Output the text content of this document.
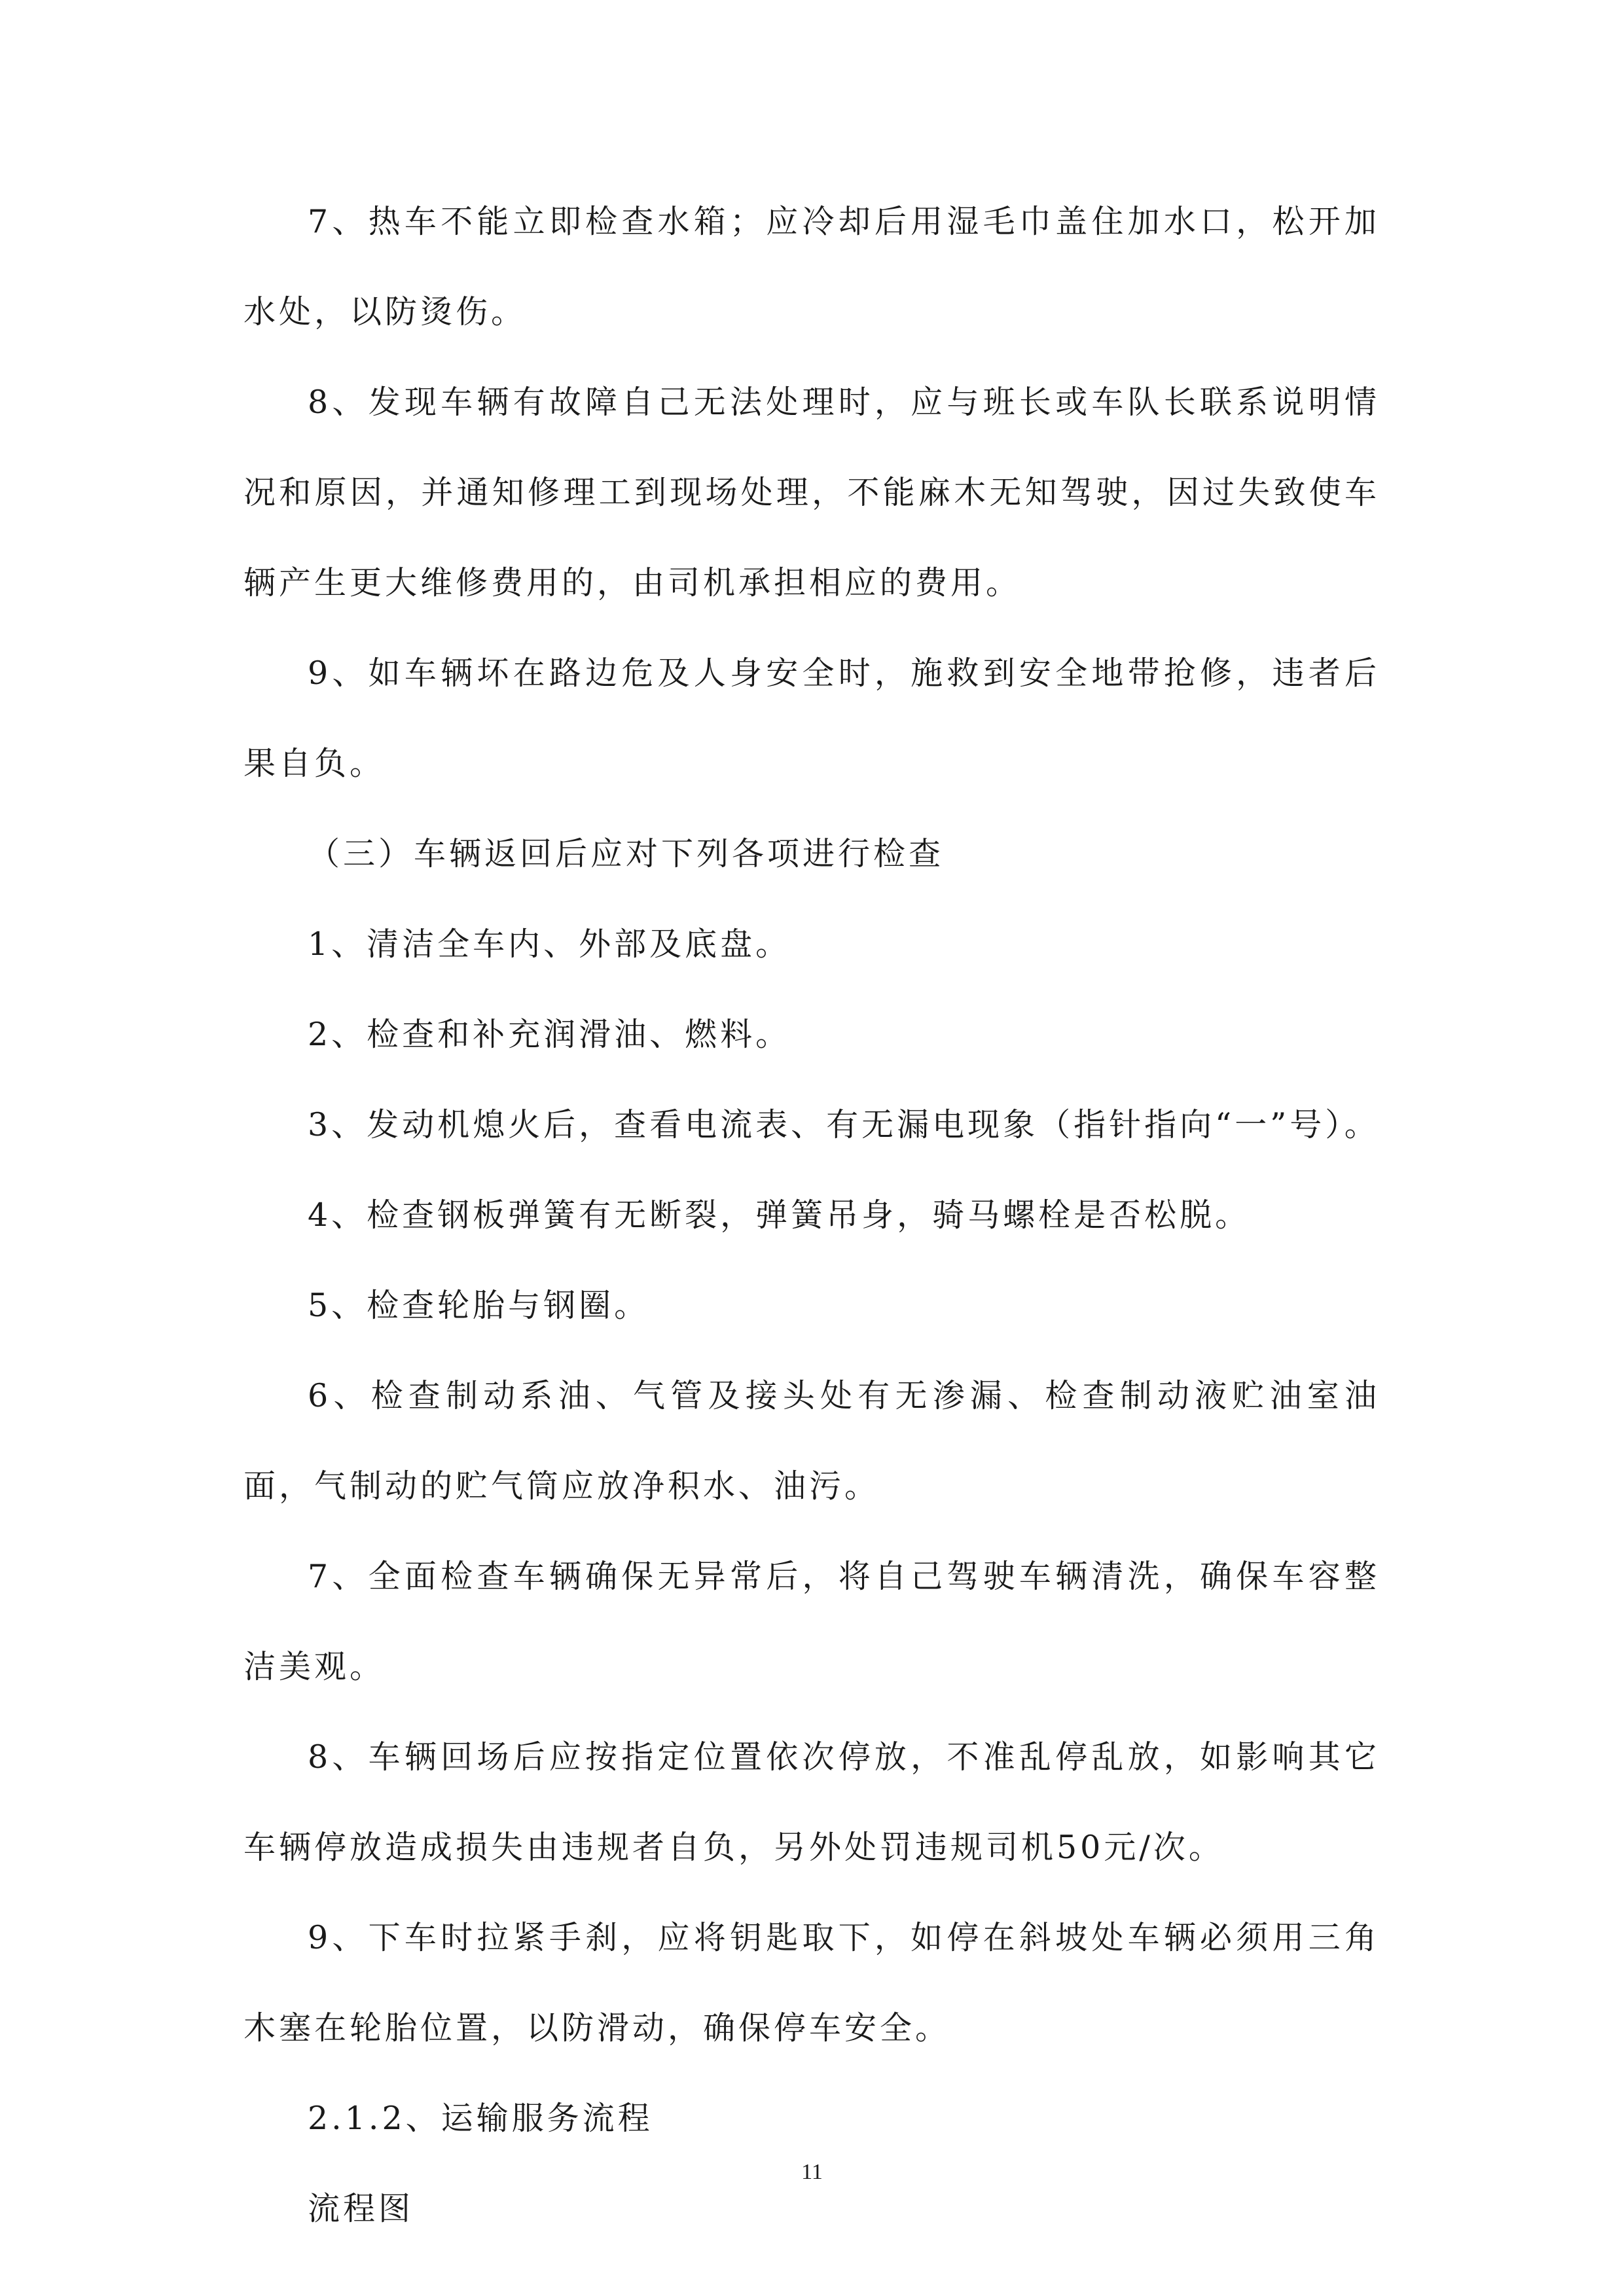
7、热车不能立即检查水箱；应冷却后用湿毛巾盖住加水口，松开加水处，以防烫伤。

8、发现车辆有故障自己无法处理时，应与班长或车队长联系说明情况和原因，并通知修理工到现场处理，不能麻木无知驾驶，因过失致使车辆产生更大维修费用的，由司机承担相应的费用。

9、如车辆坏在路边危及人身安全时，施救到安全地带抢修，违者后果自负。

（三）车辆返回后应对下列各项进行检查

1、清洁全车内、外部及底盘。

2、检查和补充润滑油、燃料。

3、发动机熄火后，查看电流表、有无漏电现象（指针指向“一”号）。

4、检查钢板弹簧有无断裂，弹簧吊身，骑马螺栓是否松脱。

5、检查轮胎与钢圈。

6、检查制动系油、气管及接头处有无渗漏、检查制动液贮油室油面，气制动的贮气筒应放净积水、油污。

7、全面检查车辆确保无异常后，将自己驾驶车辆清洗，确保车容整洁美观。

8、车辆回场后应按指定位置依次停放，不准乱停乱放，如影响其它车辆停放造成损失由违规者自负，另外处罚违规司机50元/次。

9、下车时拉紧手刹，应将钥匙取下，如停在斜坡处车辆必须用三角木塞在轮胎位置，以防滑动，确保停车安全。

2.1.2、运输服务流程

流程图

11
